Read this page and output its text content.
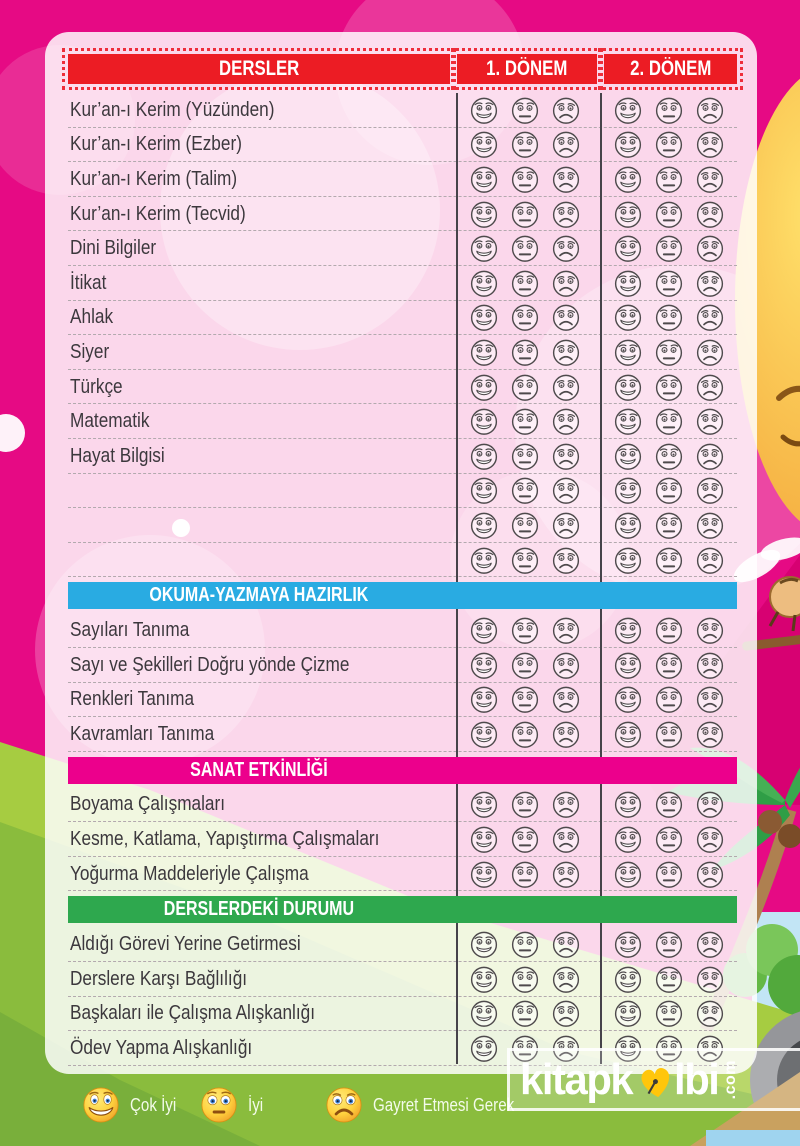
DERSLER	1. DÖNEM	2. DÖNEM
Kur’an-ı Kerim (Yüzünden)
Kur’an-ı Kerim (Ezber)
Kur’an-ı Kerim (Talim)
Kur’an-ı Kerim (Tecvid)
Dini Bilgiler
İtikat
Ahlak
Siyer
Türkçe
Matematik
Hayat Bilgisi
OKUMA-YAZMAYA HAZIRLIK
Sayıları Tanıma
Sayı ve Şekilleri Doğru yönde Çizme
Renkleri Tanıma
Kavramları Tanıma
SANAT ETKİNLİĞİ
Boyama Çalışmaları
Kesme, Katlama, Yapıştırma Çalışmaları
Yoğurma Maddeleriyle Çalışma
DERSLERDEKİ DURUMU
Aldığı Görevi Yerine Getirmesi
Derslere Karşı Bağlılığı
Başkaları ile Çalışma Alışkanlığı
Ödev Yapma Alışkanlığı
Çok İyi	İyi	Gayret Etmesi Gerek
kitapk lbi .com
